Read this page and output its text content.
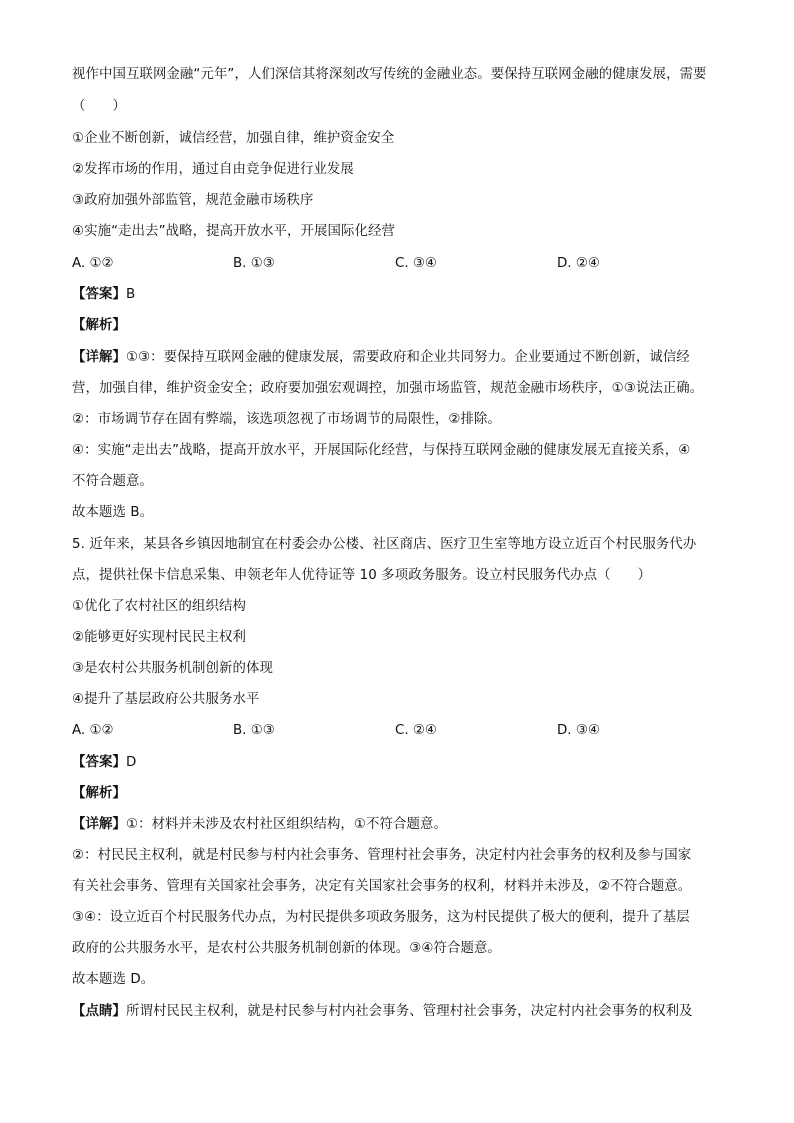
视作中国互联网金融“元年”，人们深信其将深刻改写传统的金融业态。要保持互联网金融的健康发展，需要
（　　）
①企业不断创新，诚信经营，加强自律，维护资金安全
②发挥市场的作用，通过自由竞争促进行业发展
③政府加强外部监管，规范金融市场秩序
④实施“走出去”战略，提高开放水平，开展国际化经营
A. ①②	B. ①③	C. ③④	D. ②④
【答案】B
【解析】
【详解】①③：要保持互联网金融的健康发展，需要政府和企业共同努力。企业要通过不断创新，诚信经
营，加强自律，维护资金安全；政府要加强宏观调控，加强市场监管，规范金融市场秩序，①③说法正确。
②：市场调节存在固有弊端，该选项忽视了市场调节的局限性，②排除。
④：实施“走出去”战略，提高开放水平，开展国际化经营，与保持互联网金融的健康发展无直接关系，④
不符合题意。
故本题选 B。
5. 近年来，某县各乡镇因地制宜在村委会办公楼、社区商店、医疗卫生室等地方设立近百个村民服务代办
点，提供社保卡信息采集、申领老年人优待证等 10 多项政务服务。设立村民服务代办点（　　）
①优化了农村社区的组织结构
②能够更好实现村民民主权利
③是农村公共服务机制创新的体现
④提升了基层政府公共服务水平
A. ①②	B. ①③	C. ②④	D. ③④
【答案】D
【解析】
【详解】①：材料并未涉及农村社区组织结构，①不符合题意。
②：村民民主权利，就是村民参与村内社会事务、管理村社会事务，决定村内社会事务的权利及参与国家
有关社会事务、管理有关国家社会事务，决定有关国家社会事务的权利，材料并未涉及，②不符合题意。
③④：设立近百个村民服务代办点，为村民提供多项政务服务，这为村民提供了极大的便利，提升了基层
政府的公共服务水平，是农村公共服务机制创新的体现。③④符合题意。
故本题选 D。
【点睛】所谓村民民主权利，就是村民参与村内社会事务、管理村社会事务，决定村内社会事务的权利及
